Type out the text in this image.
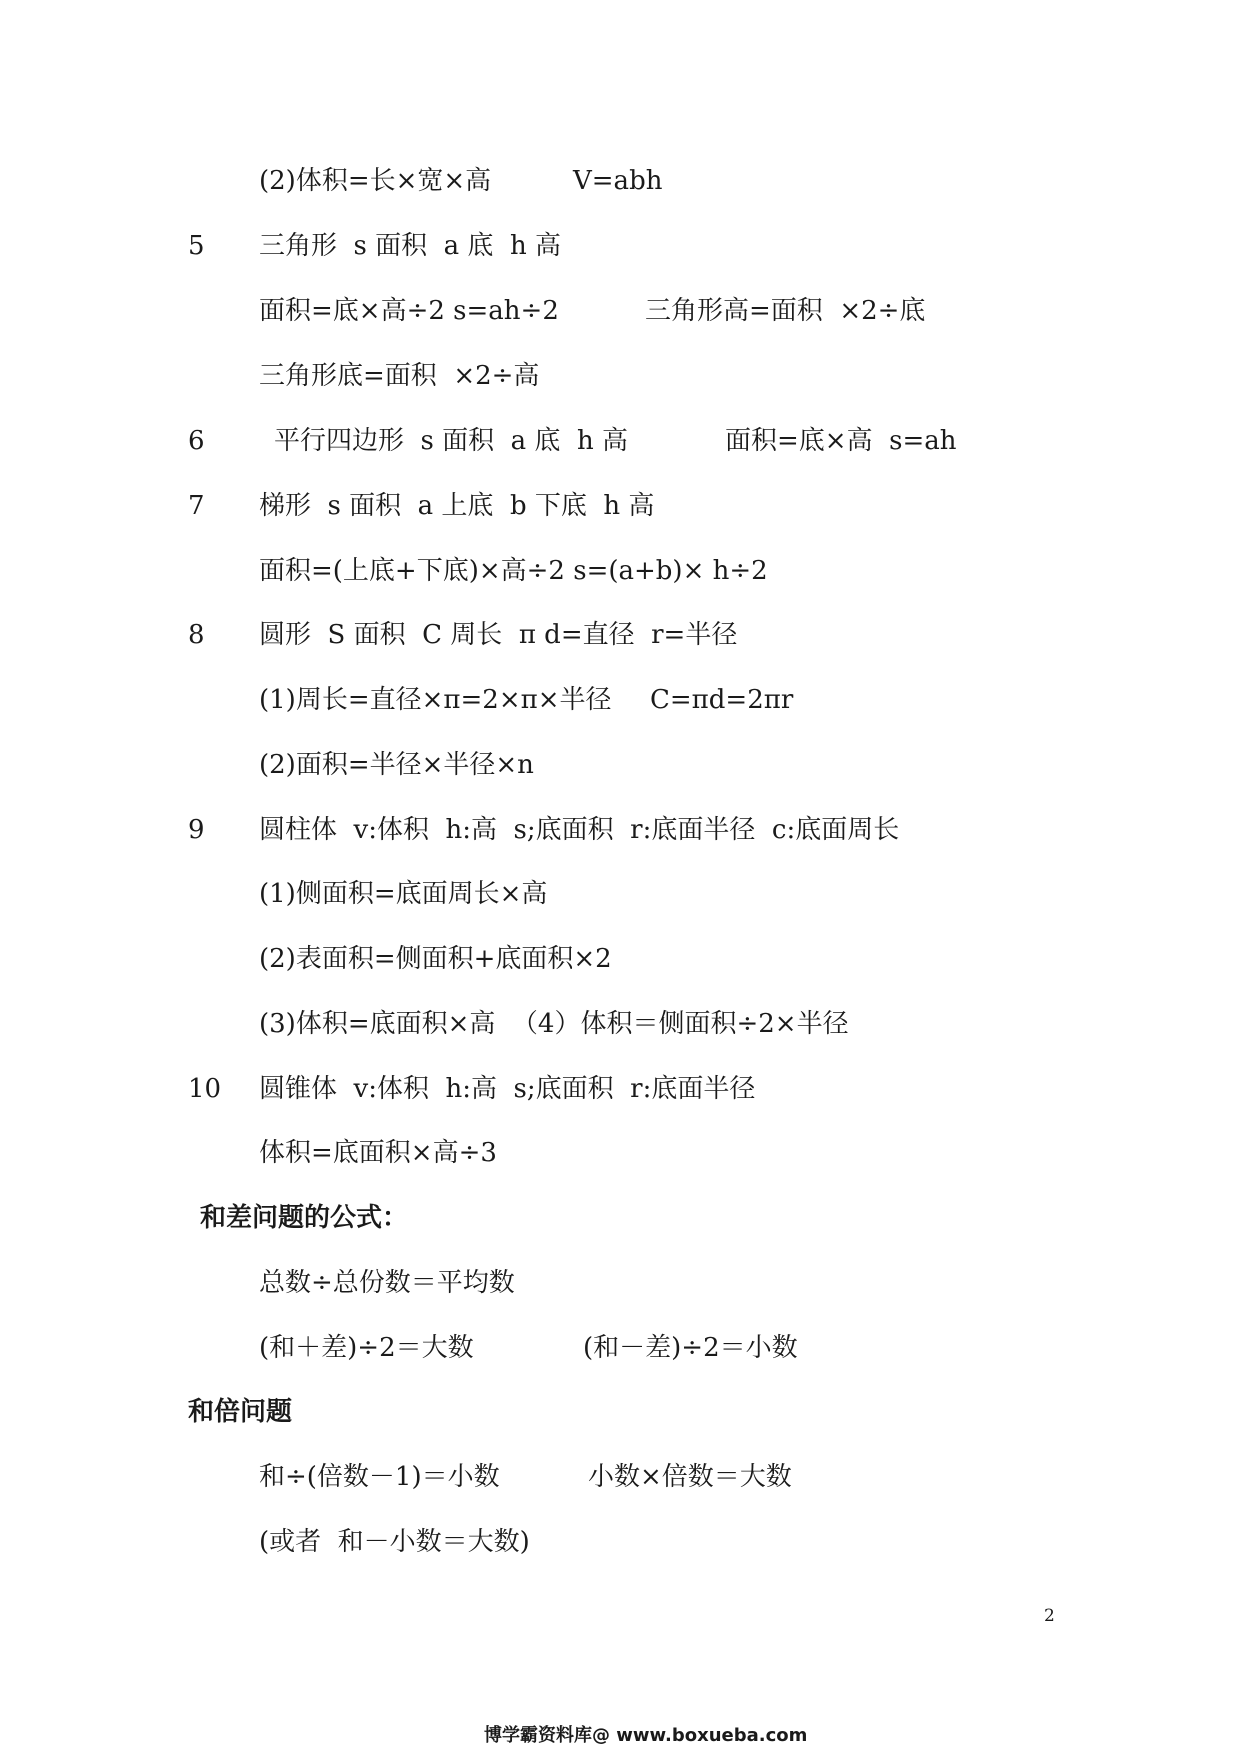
(2)体积=长×宽×高	V=abh
5 三角形  s 面积  a 底  h 高
面积=底×高÷2 s=ah÷2	三角形高=面积  ×2÷底
三角形底=面积  ×2÷高
6	平行四边形  s 面积  a 底  h 高	面积=底×高  s=ah
7 梯形  s 面积  a 上底  b 下底  h 高
面积=(上底+下底)×高÷2 s=(a+b)× h÷2
8 圆形  S 面积  C 周长  π d=直径  r=半径
(1)周长=直径×π=2×π×半径 C=πd=2πr
(2)面积=半径×半径×n
9 圆柱体  v:体积  h:高  s;底面积  r:底面半径  c:底面周长
(1)侧面积=底面周长×高
(2)表面积=侧面积+底面积×2
(3)体积=底面积×高  （4）体积＝侧面积÷2×半径
10 圆锥体  v:体积  h:高  s;底面积  r:底面半径
体积=底面积×高÷3
和差问题的公式：
总数÷总份数＝平均数
(和＋差)÷2＝大数	(和－差)÷2＝小数
和倍问题
和÷(倍数－1)＝小数	小数×倍数＝大数
(或者  和－小数＝大数)
2
博学霸资料库@ www.boxueba.com
